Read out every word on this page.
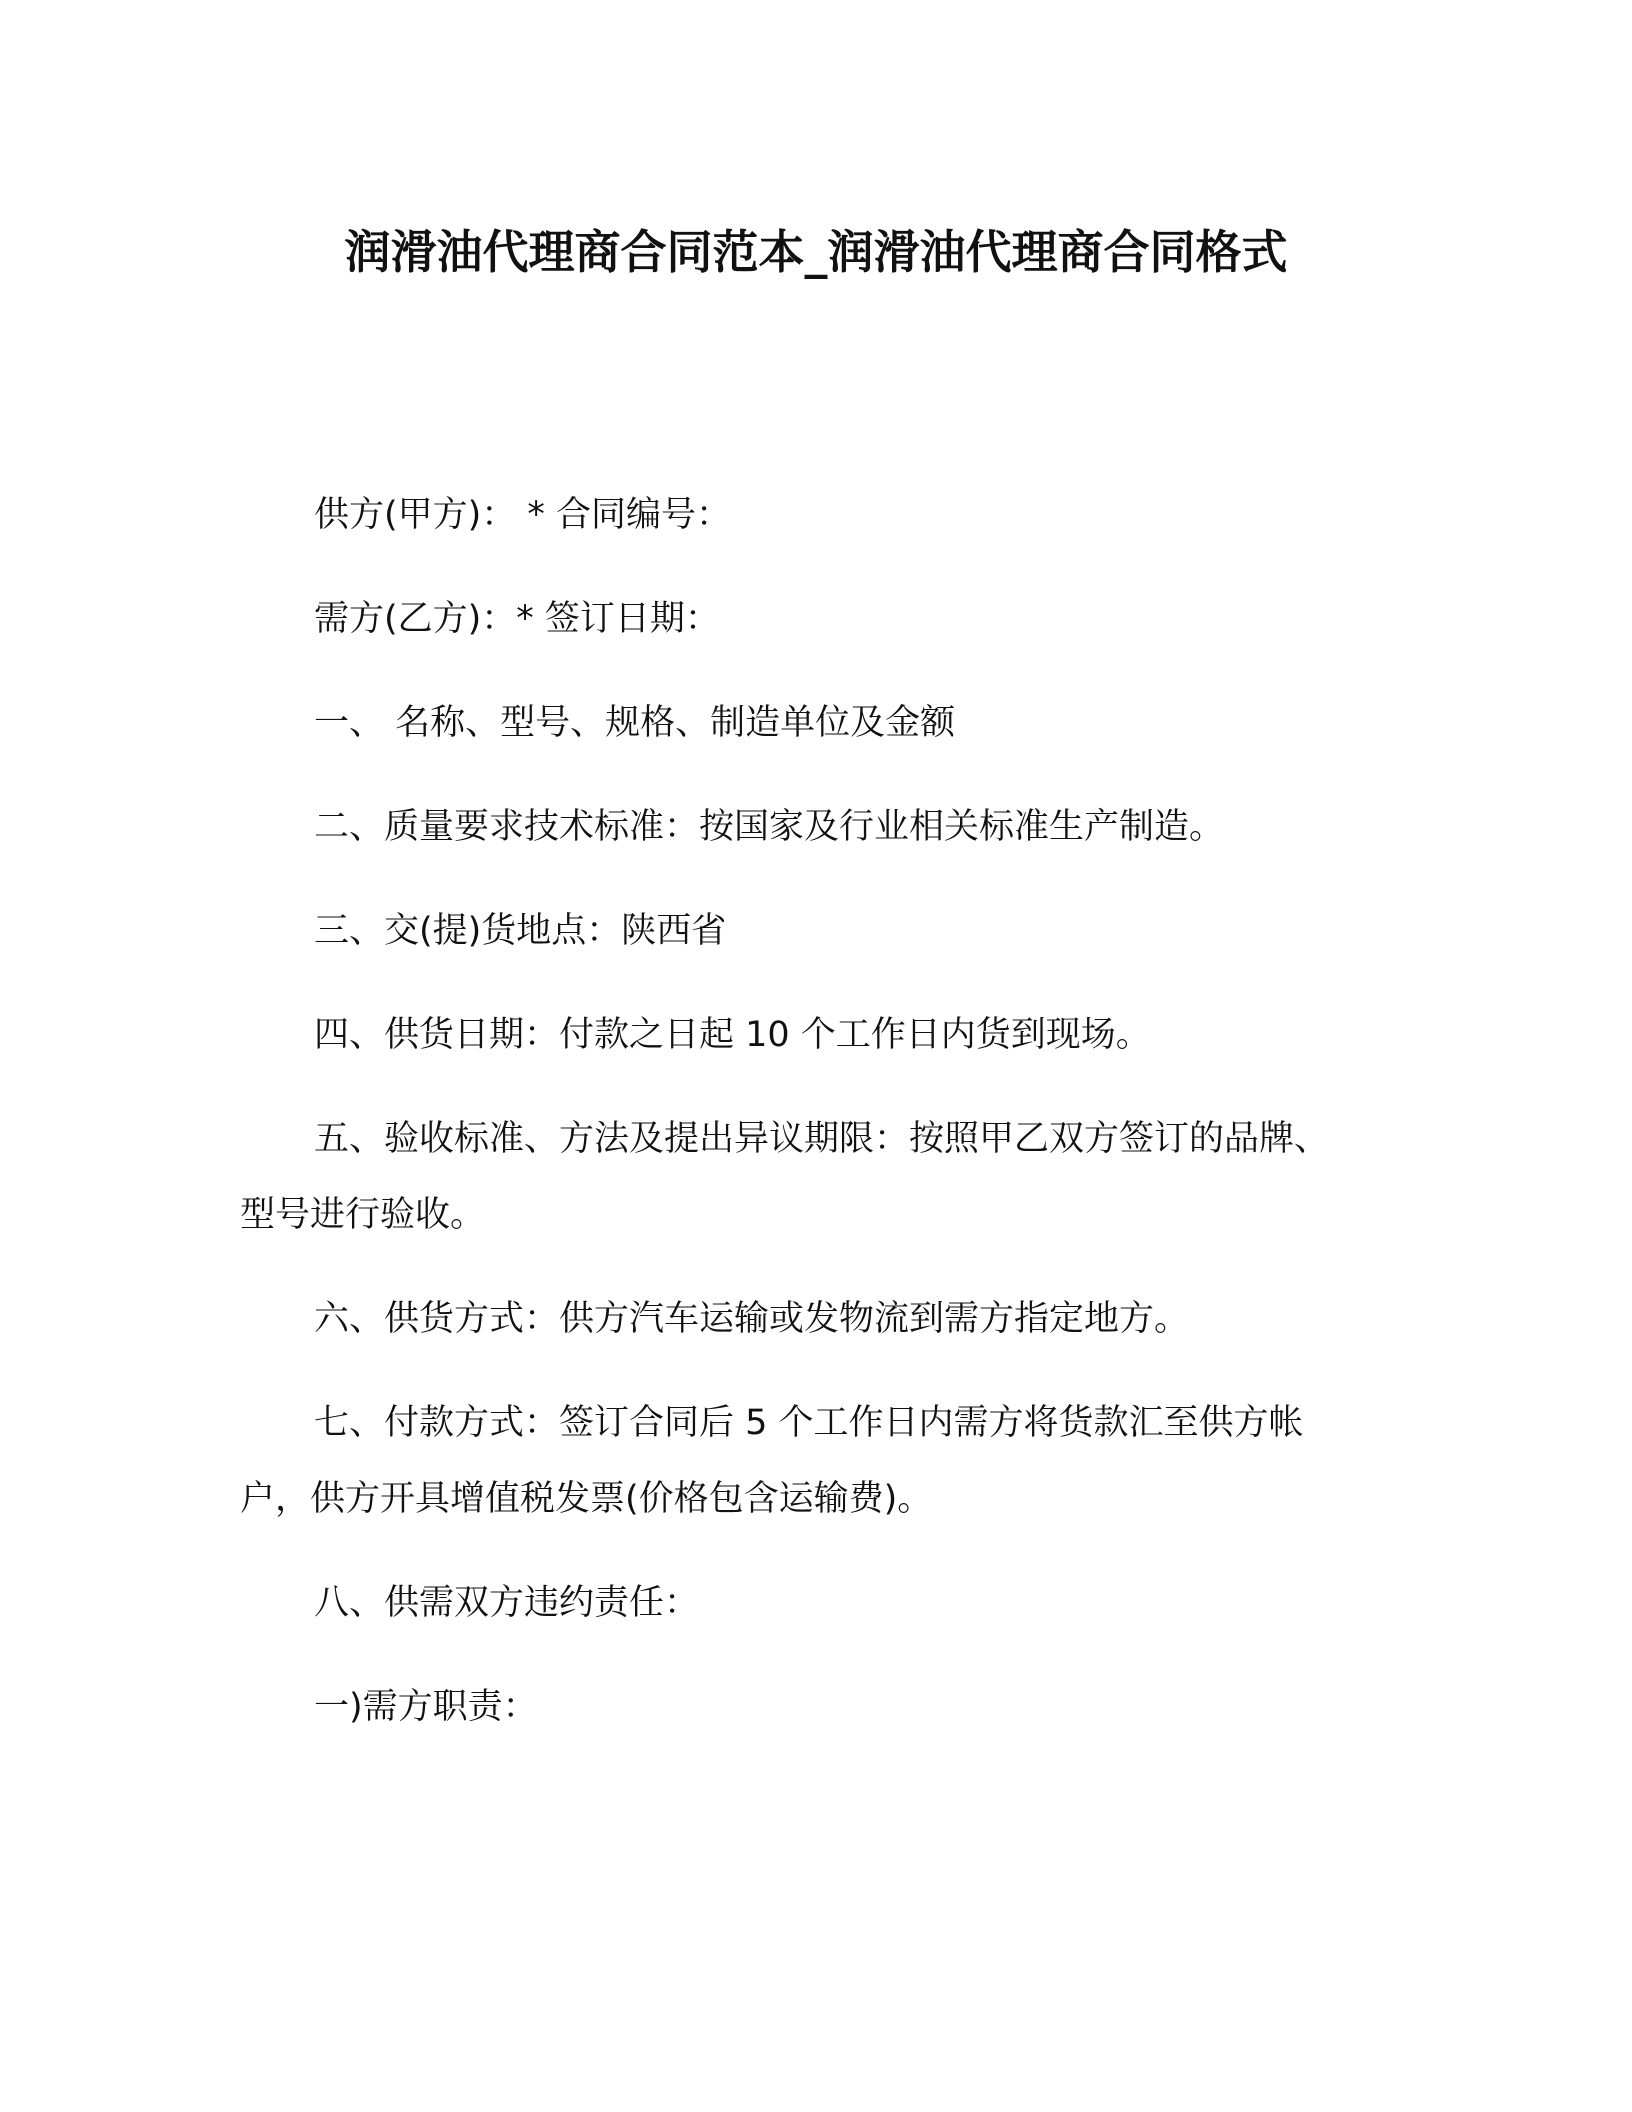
润滑油代理商合同范本_润滑油代理商合同格式

供方(甲方)： * 合同编号：

需方(乙方)：* 签订日期：

一、 名称、型号、规格、制造单位及金额

二、质量要求技术标准：按国家及行业相关标准生产制造。

三、交(提)货地点：陕西省

四、供货日期：付款之日起 10 个工作日内货到现场。

五、验收标准、方法及提出异议期限：按照甲乙双方签订的品牌、

型号进行验收。

六、供货方式：供方汽车运输或发物流到需方指定地方。

七、付款方式：签订合同后 5 个工作日内需方将货款汇至供方帐

户，供方开具增值税发票(价格包含运输费)。

八、供需双方违约责任：

一)需方职责：
